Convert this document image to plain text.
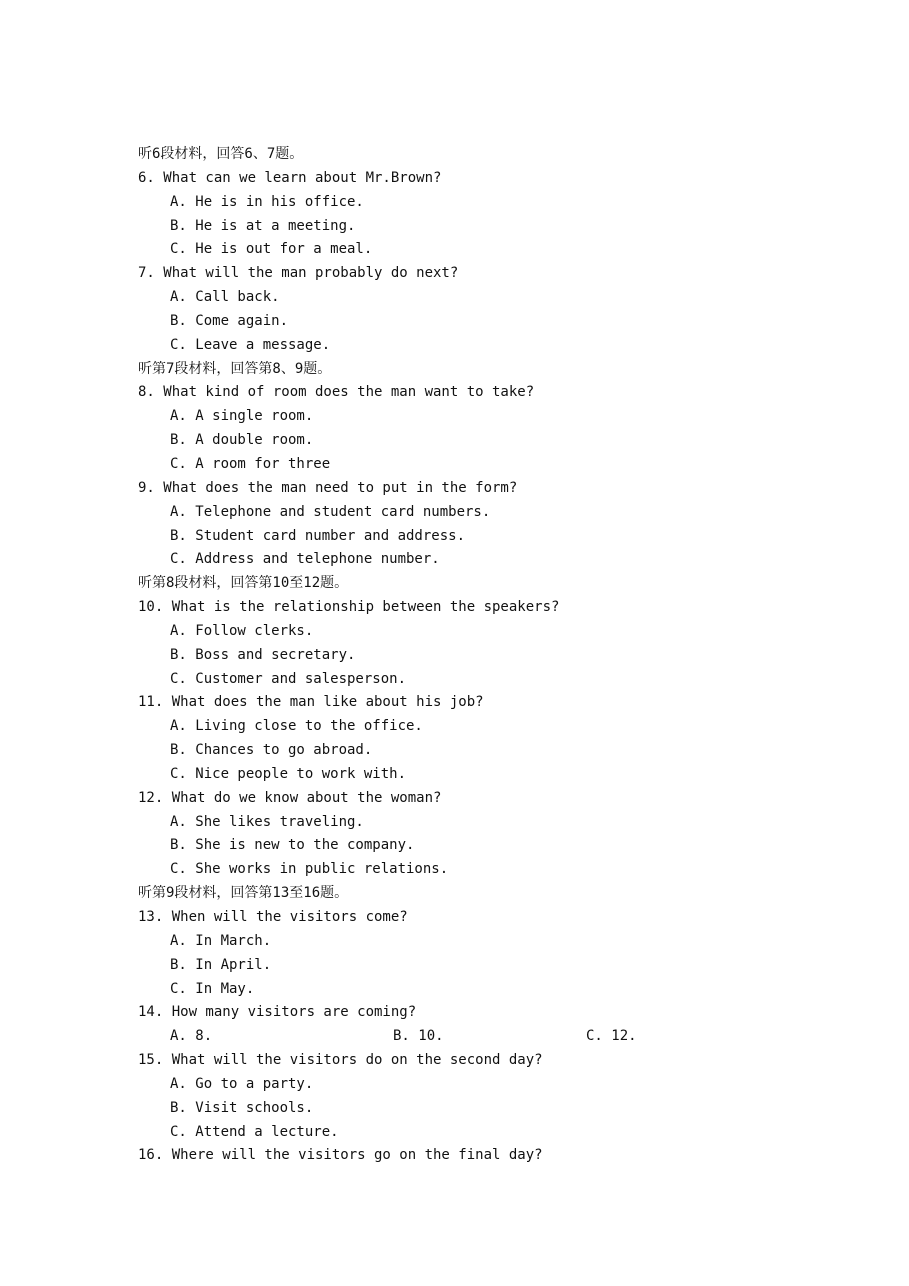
听6段材料，回答6、7题。
6. What can we learn about Mr.Brown?
A. He is in his office.
B. He is at a meeting.
C. He is out for a meal.
7. What will the man probably do next?
A. Call back.
B. Come again.
C. Leave a message.
听第7段材料，回答第8、9题。
8. What kind of room does the man want to take?
A. A single room.
B. A double room.
C. A room for three
9. What does the man need to put in the form?
A. Telephone and student card numbers.
B. Student card number and address.
C. Address and telephone number.
听第8段材料，回答第10至12题。
10. What is the relationship between the speakers?
A. Follow clerks.
B. Boss and secretary.
C. Customer and salesperson.
11. What does the man like about his job?
A. Living close to the office.
B. Chances to go abroad.
C. Nice people to work with.
12. What do we know about the woman?
A. She likes traveling.
B. She is new to the company.
C. She works in public relations.
听第9段材料，回答第13至16题。
13. When will the visitors come?
A. In March.
B. In April.
C. In May.
14. How many visitors are coming?
A. 8.	B. 10.	C. 12.
15. What will the visitors do on the second day?
A. Go to a party.
B. Visit schools.
C. Attend a lecture.
16. Where will the visitors go on the final day?
